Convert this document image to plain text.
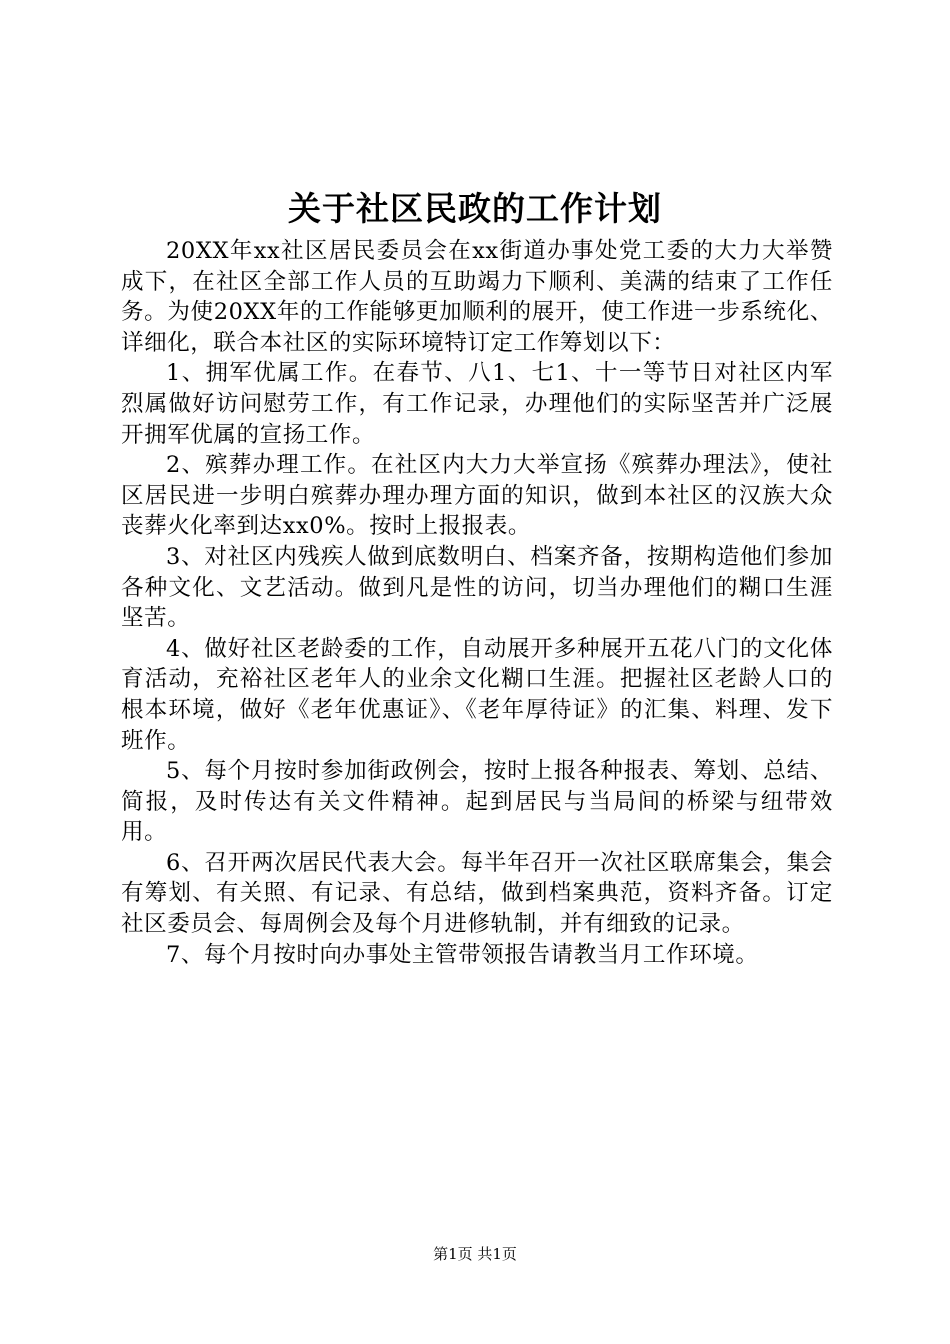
关于社区民政的工作计划

20XX年xx社区居民委员会在xx街道办事处党工委的大力大举赞成下，在社区全部工作人员的互助竭力下顺利、美满的结束了工作任务。为使20XX年的工作能够更加顺利的展开，使工作进一步系统化、详细化，联合本社区的实际环境特订定工作筹划以下：

1、拥军优属工作。在春节、八1、七1、十一等节日对社区内军烈属做好访问慰劳工作，有工作记录，办理他们的实际坚苦并广泛展开拥军优属的宣扬工作。

2、殡葬办理工作。在社区内大力大举宣扬《殡葬办理法》，使社区居民进一步明白殡葬办理办理方面的知识，做到本社区的汉族大众丧葬火化率到达xx0%。按时上报报表。

3、对社区内残疾人做到底数明白、档案齐备，按期构造他们参加各种文化、文艺活动。做到凡是性的访问，切当办理他们的糊口生涯坚苦。

4、做好社区老龄委的工作，自动展开多种展开五花八门的文化体育活动，充裕社区老年人的业余文化糊口生涯。把握社区老龄人口的根本环境，做好《老年优惠证》、《老年厚待证》的汇集、料理、发下班作。

5、每个月按时参加街政例会，按时上报各种报表、筹划、总结、简报，及时传达有关文件精神。起到居民与当局间的桥梁与纽带效用。

6、召开两次居民代表大会。每半年召开一次社区联席集会，集会有筹划、有关照、有记录、有总结，做到档案典范，资料齐备。订定社区委员会、每周例会及每个月进修轨制，并有细致的记录。

7、每个月按时向办事处主管带领报告请教当月工作环境。

第1页 共1页
